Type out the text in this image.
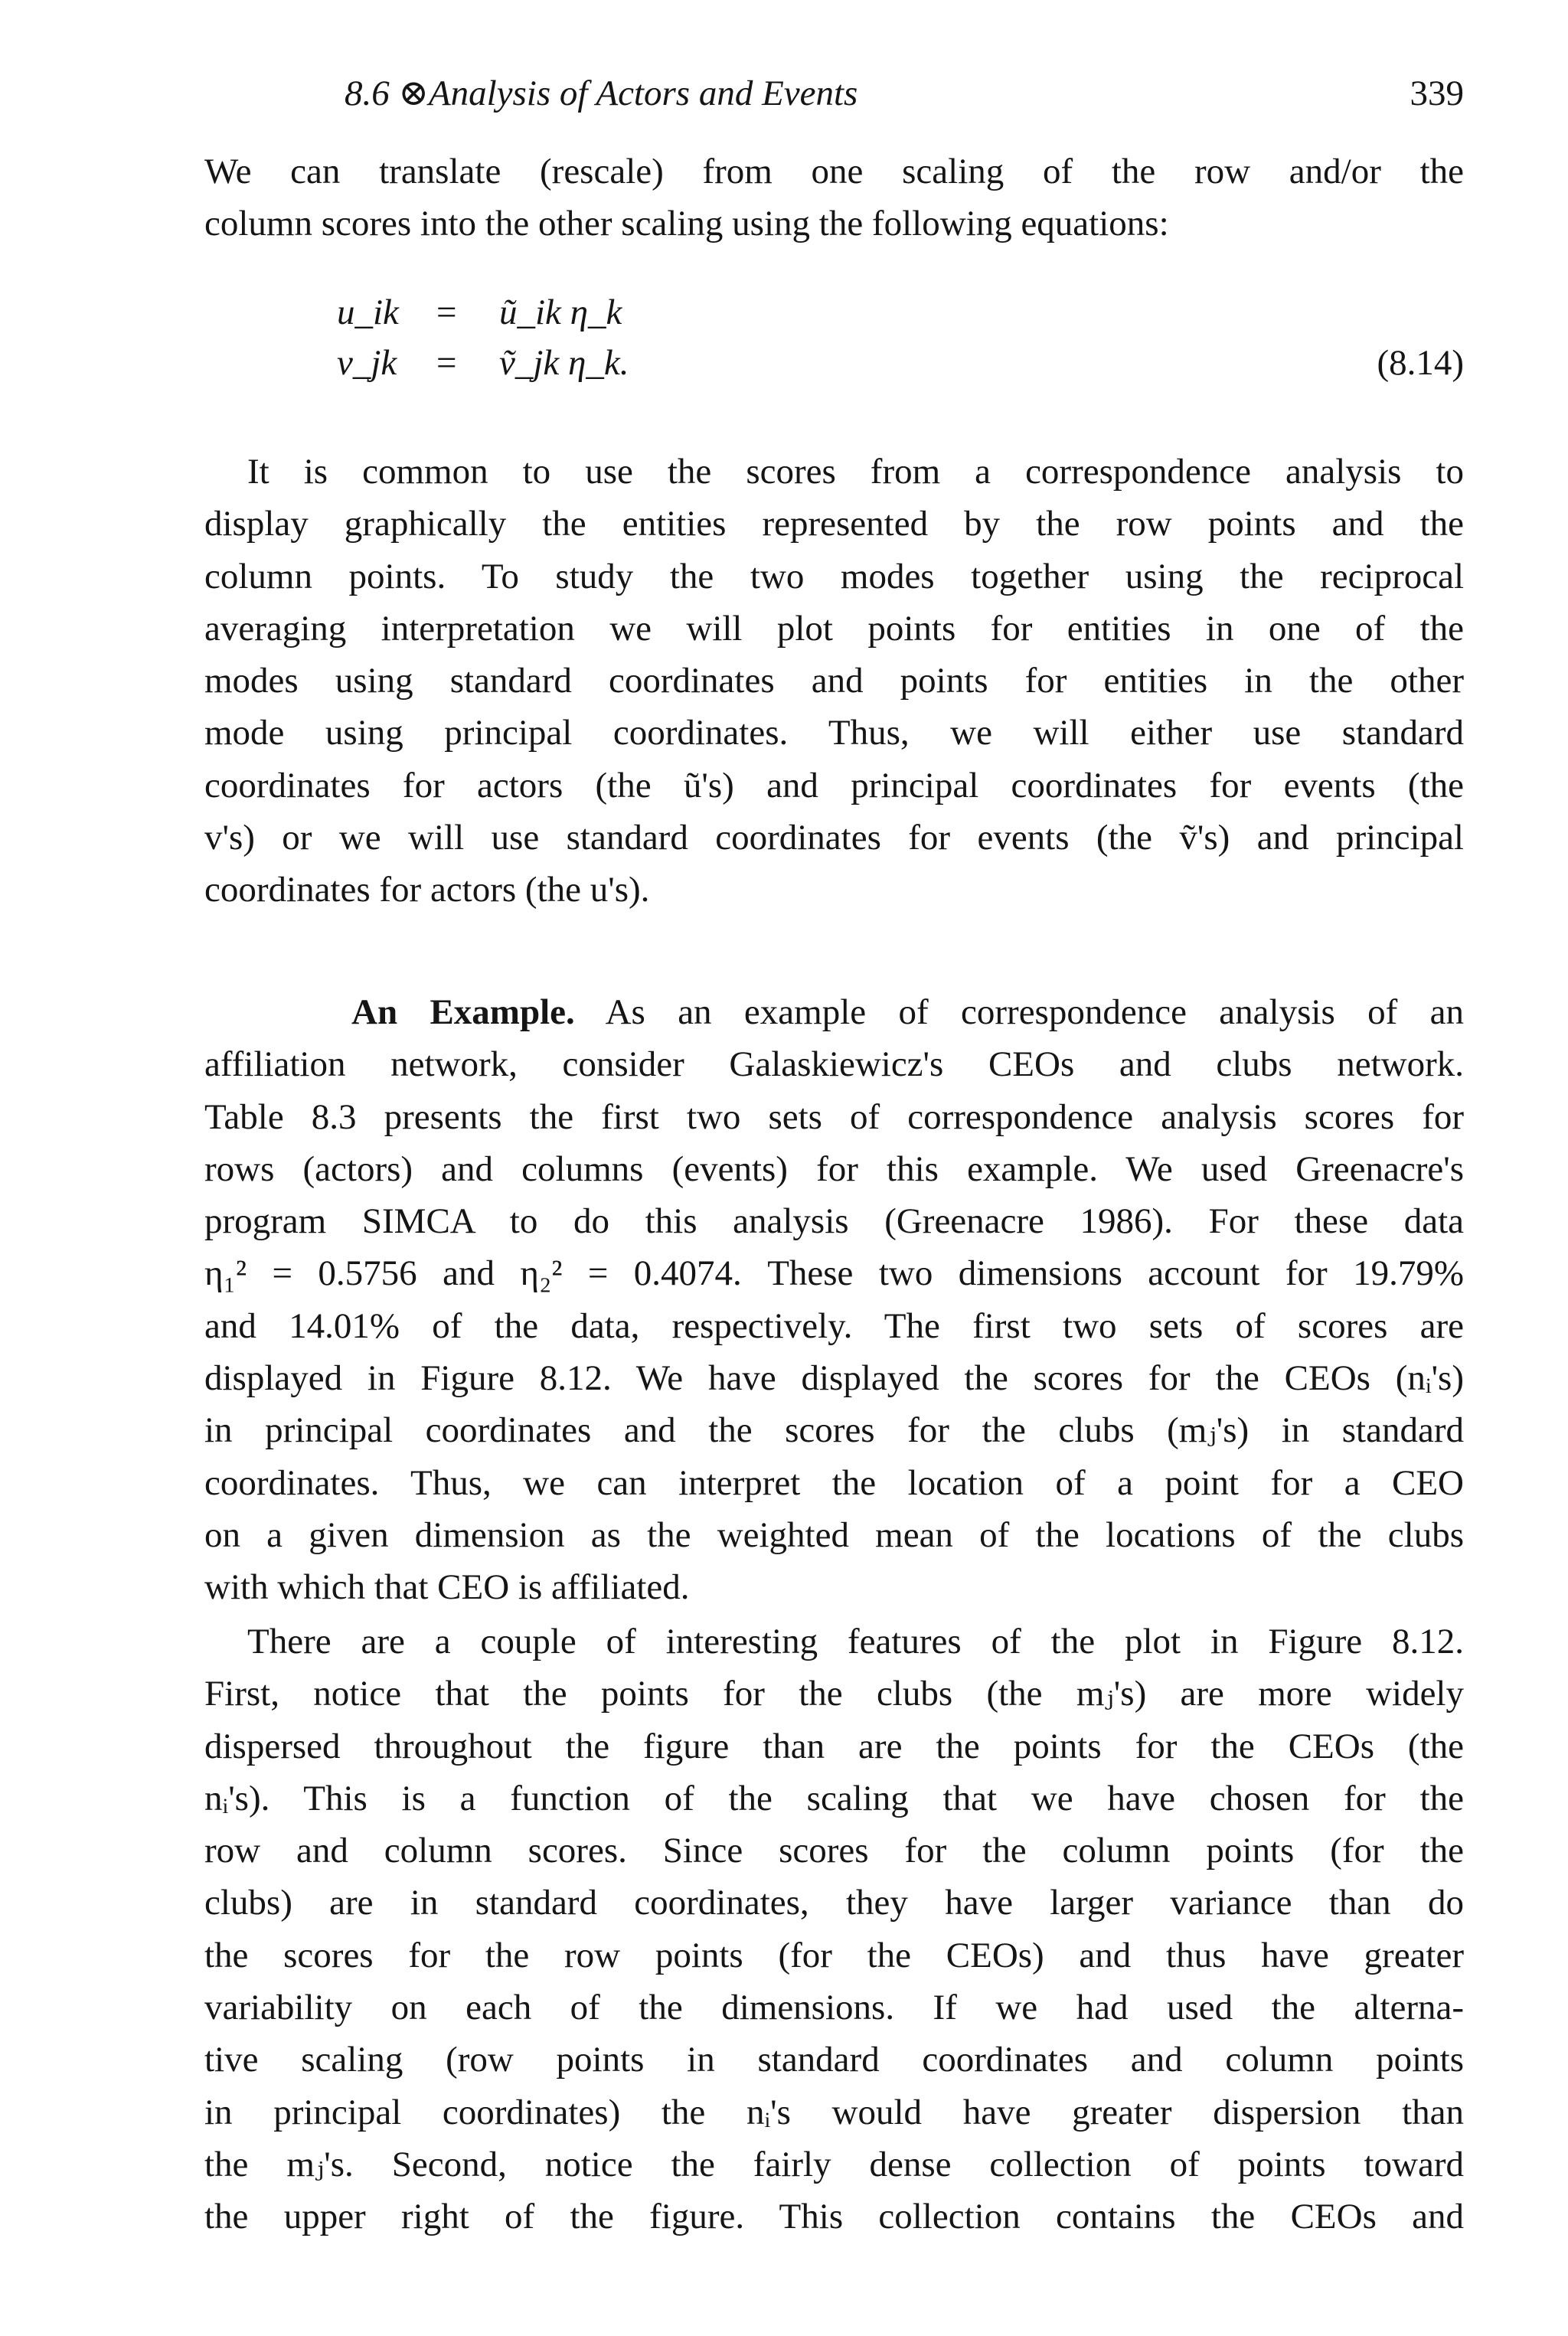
8.6 ⊗Analysis of Actors and Events	339
We can translate (rescale) from one scaling of the row and/or the
column scores into the other scaling using the following equations:
u_ik = ũ_ik η_k
v_jk = ṽ_jk η_k.	(8.14)
It is common to use the scores from a correspondence analysis to
display graphically the entities represented by the row points and the
column points. To study the two modes together using the reciprocal
averaging interpretation we will plot points for entities in one of the
modes using standard coordinates and points for entities in the other
mode using principal coordinates. Thus, we will either use standard
coordinates for actors (the ũ's) and principal coordinates for events (the
v's) or we will use standard coordinates for events (the ṽ's) and principal
coordinates for actors (the u's).
An Example. As an example of correspondence analysis of an
affiliation network, consider Galaskiewicz's CEOs and clubs network.
Table 8.3 presents the first two sets of correspondence analysis scores for
rows (actors) and columns (events) for this example. We used Greenacre's
program SIMCA to do this analysis (Greenacre 1986). For these data
η₁² = 0.5756 and η₂² = 0.4074. These two dimensions account for 19.79%
and 14.01% of the data, respectively. The first two sets of scores are
displayed in Figure 8.12. We have displayed the scores for the CEOs (nᵢ's)
in principal coordinates and the scores for the clubs (mⱼ's) in standard
coordinates. Thus, we can interpret the location of a point for a CEO
on a given dimension as the weighted mean of the locations of the clubs
with which that CEO is affiliated.
There are a couple of interesting features of the plot in Figure 8.12.
First, notice that the points for the clubs (the mⱼ's) are more widely
dispersed throughout the figure than are the points for the CEOs (the
nᵢ's). This is a function of the scaling that we have chosen for the
row and column scores. Since scores for the column points (for the
clubs) are in standard coordinates, they have larger variance than do
the scores for the row points (for the CEOs) and thus have greater
variability on each of the dimensions. If we had used the alterna-
tive scaling (row points in standard coordinates and column points
in principal coordinates) the nᵢ's would have greater dispersion than
the mⱼ's. Second, notice the fairly dense collection of points toward
the upper right of the figure. This collection contains the CEOs and
